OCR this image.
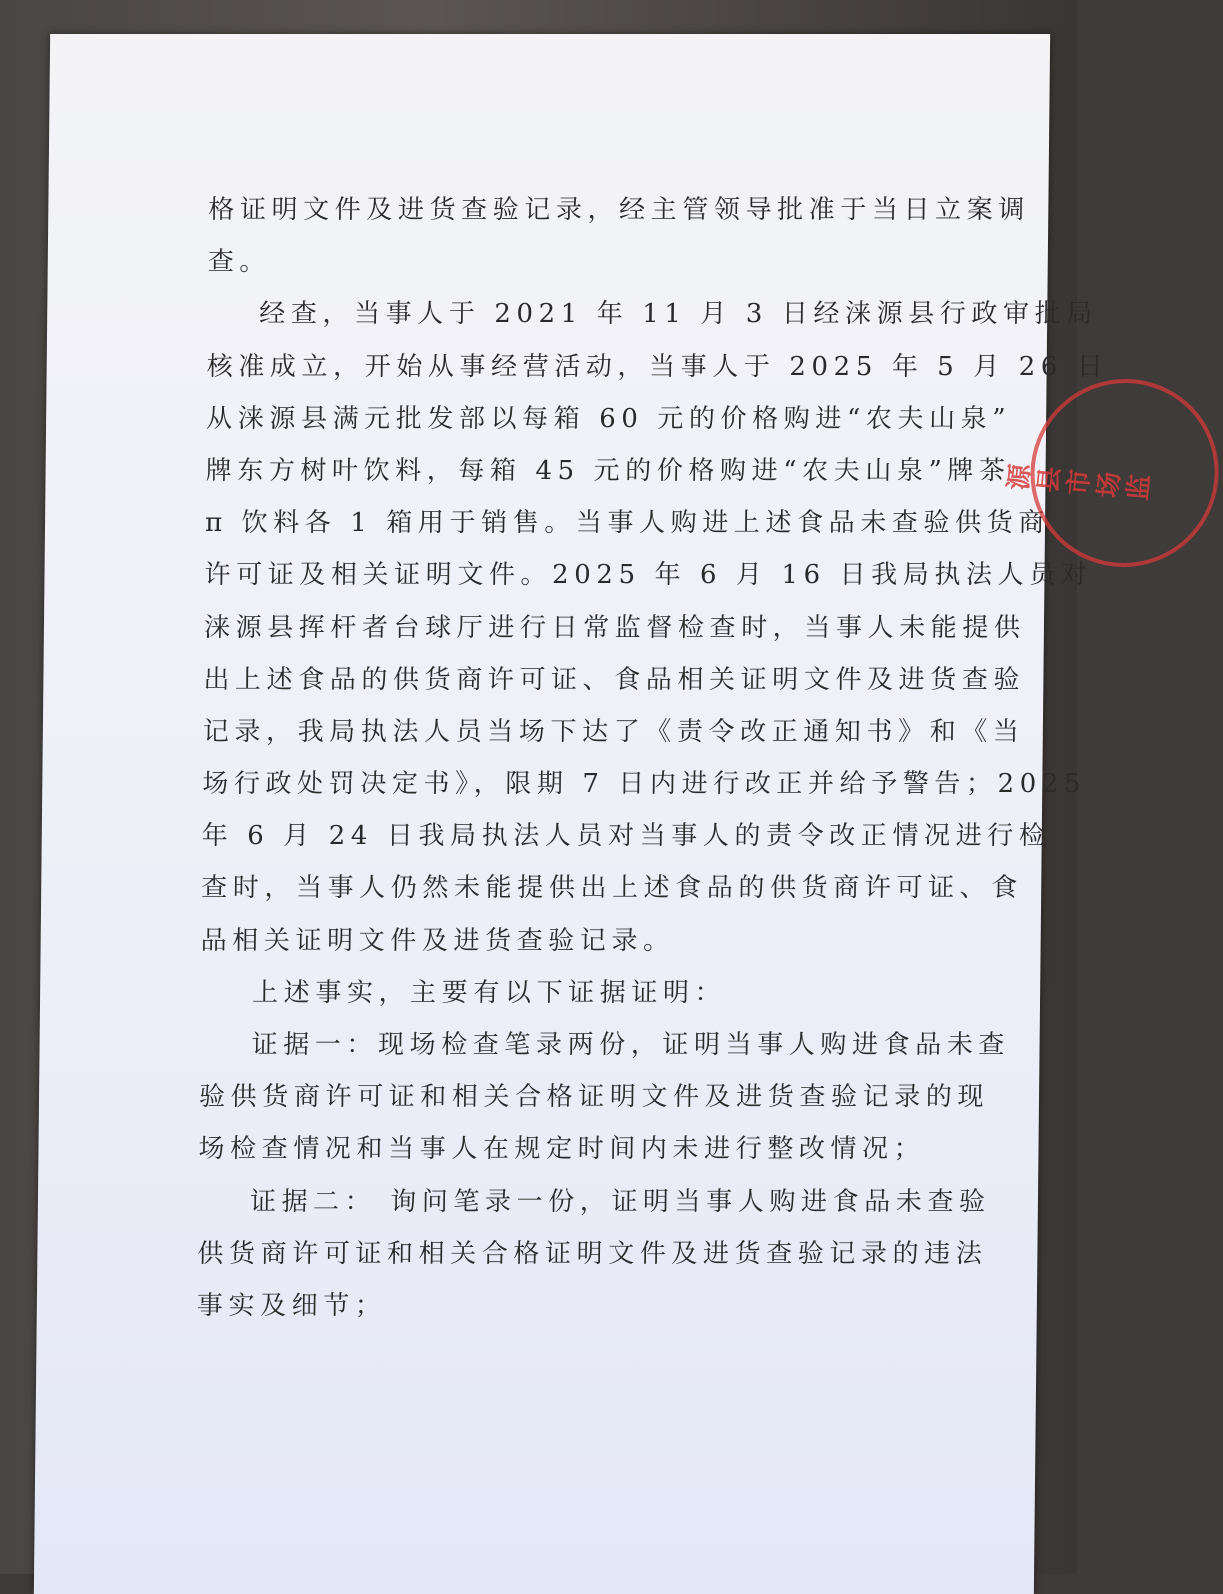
格证明文件及进货查验记录，经主管领导批准于当日立案调
查。
经查，当事人于 2021 年 11 月 3 日经涞源县行政审批局
核准成立，开始从事经营活动，当事人于 2025 年 5 月 26 日
从涞源县满元批发部以每箱 60 元的价格购进“农夫山泉”
牌东方树叶饮料，每箱 45 元的价格购进“农夫山泉”牌茶
π 饮料各 1 箱用于销售。当事人购进上述食品未查验供货商
许可证及相关证明文件。2025 年 6 月 16 日我局执法人员对
涞源县挥杆者台球厅进行日常监督检查时，当事人未能提供
出上述食品的供货商许可证、食品相关证明文件及进货查验
记录，我局执法人员当场下达了《责令改正通知书》和《当
场行政处罚决定书》，限期 7 日内进行改正并给予警告；2025
年 6 月 24 日我局执法人员对当事人的责令改正情况进行检
查时，当事人仍然未能提供出上述食品的供货商许可证、食
品相关证明文件及进货查验记录。
上述事实，主要有以下证据证明：
证据一：现场检查笔录两份，证明当事人购进食品未查
验供货商许可证和相关合格证明文件及进货查验记录的现
场检查情况和当事人在规定时间内未进行整改情况；
证据二： 询问笔录一份，证明当事人购进食品未查验
供货商许可证和相关合格证明文件及进货查验记录的违法
事实及细节；
源县市场监
